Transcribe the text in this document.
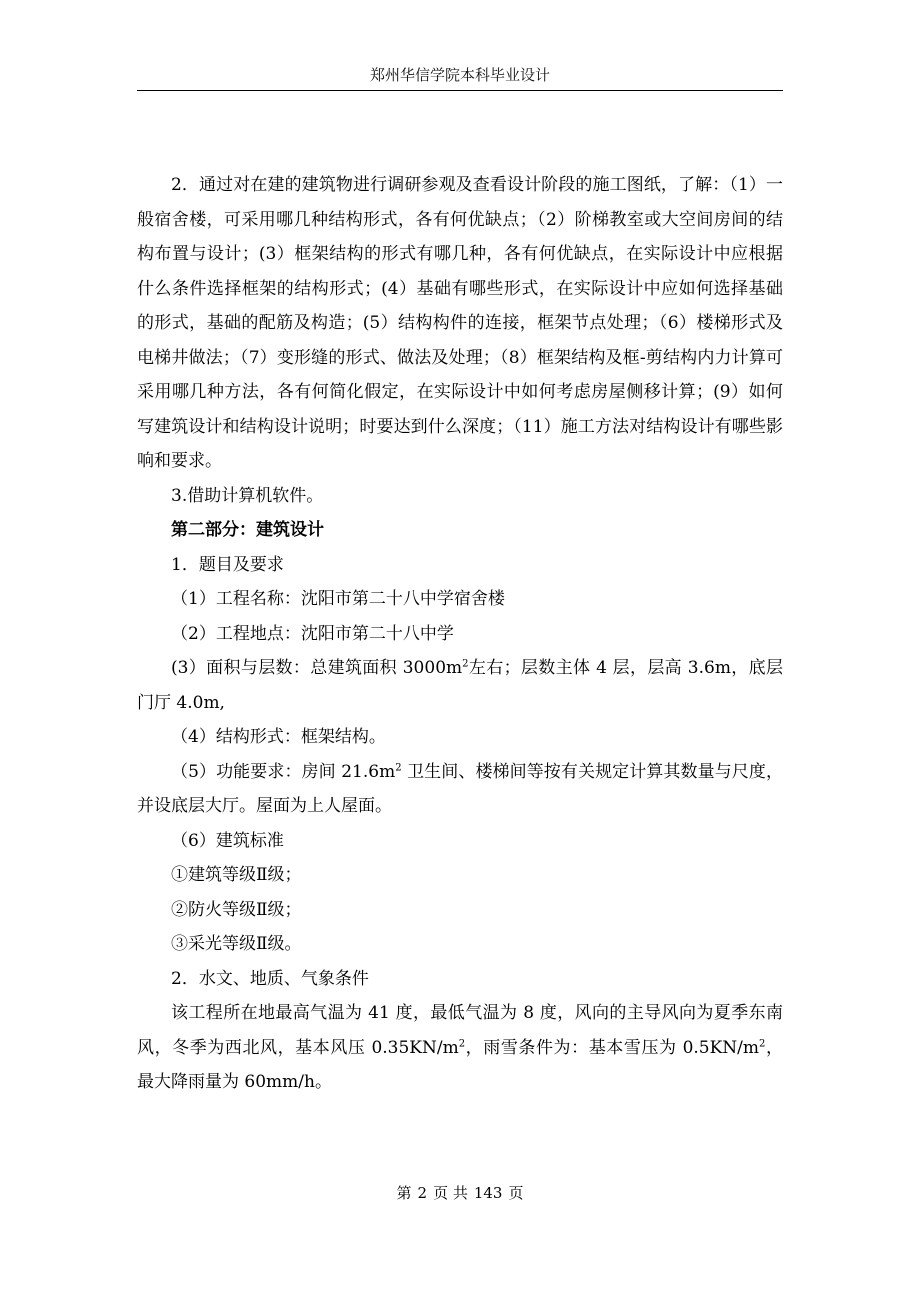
郑州华信学院本科毕业设计

2．通过对在建的建筑物进行调研参观及查看设计阶段的施工图纸，了解：（1）一般宿舍楼，可采用哪几种结构形式，各有何优缺点；（2）阶梯教室或大空间房间的结构布置与设计；(3）框架结构的形式有哪几种，各有何优缺点，在实际设计中应根据什么条件选择框架的结构形式；(4）基础有哪些形式，在实际设计中应如何选择基础的形式，基础的配筋及构造；(5）结构构件的连接，框架节点处理；（6）楼梯形式及电梯井做法；（7）变形缝的形式、做法及处理；（8）框架结构及框-剪结构内力计算可采用哪几种方法，各有何简化假定，在实际设计中如何考虑房屋侧移计算；(9）如何写建筑设计和结构设计说明；时要达到什么深度；（11）施工方法对结构设计有哪些影响和要求。

3.借助计算机软件。

第二部分：建筑设计

1．题目及要求

（1）工程名称：沈阳市第二十八中学宿舍楼

（2）工程地点：沈阳市第二十八中学

(3）面积与层数：总建筑面积 $3000m^2$左右；层数主体 4 层，层高 3.6m，底层门厅 4.0m,

（4）结构形式：框架结构。

（5）功能要求：房间 $21.6m^2$ 卫生间、楼梯间等按有关规定计算其数量与尺度，并设底层大厅。屋面为上人屋面。

（6）建筑标准

①建筑等级Ⅱ级；

②防火等级Ⅱ级；

③采光等级Ⅱ级。

2．水文、地质、气象条件

该工程所在地最高气温为 41 度，最低气温为 8 度，风向的主导风向为夏季东南风，冬季为西北风，基本风压 $0.35KN/m^2$，雨雪条件为：基本雪压为 $0.5KN/m^2$，最大降雨量为 60mm/h。

第 2 页 共 143 页
